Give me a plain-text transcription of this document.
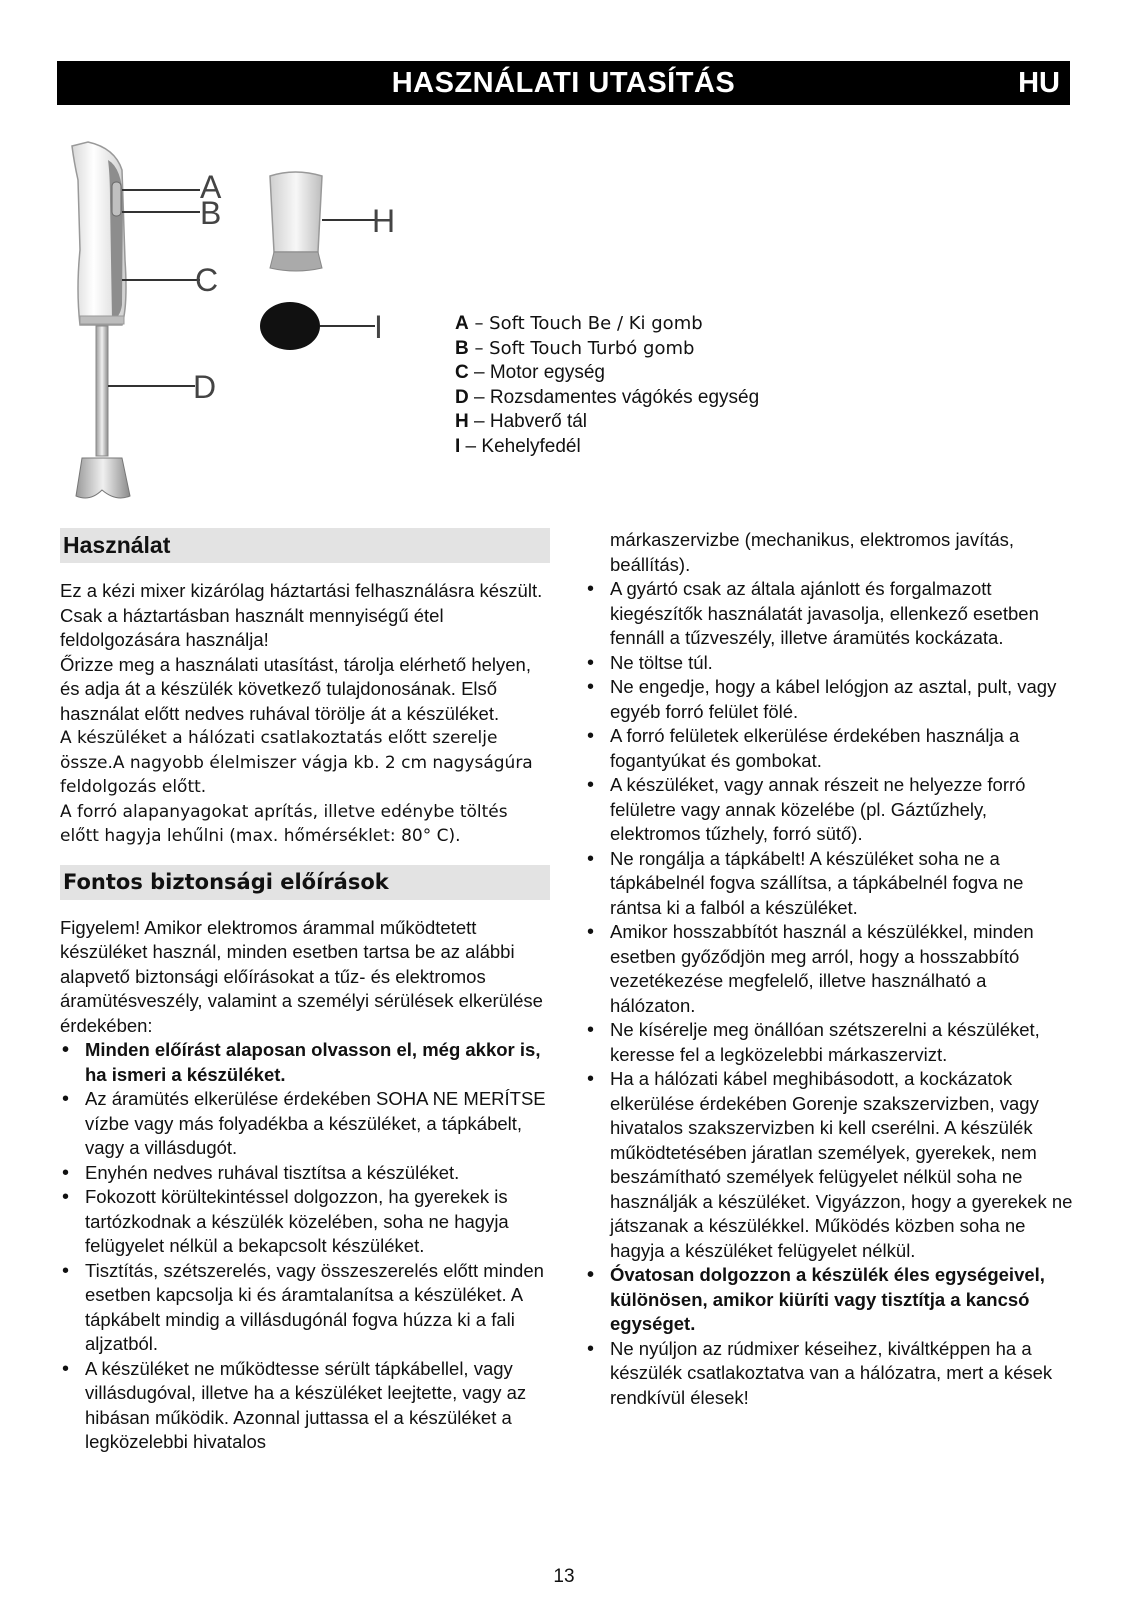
HASZNÁLATI UTASÍTÁS	HU
A
B
C
D
H
I	A – Soft Touch Be / Ki gomb
B – Soft Touch Turbó gomb
C – Motor egység
D – Rozsdamentes vágókés egység
H – Habverő tál
I – Kehelyfedél
Használat

Ez a kézi mixer kizárólag háztartási felhasználásra készült. Csak a háztartásban használt mennyiségű étel feldolgozására használja!

Őrizze meg a használati utasítást, tárolja elérhető helyen, és adja át a készülék következő tulajdonosának. Első használat előtt nedves ruhával törölje át a készüléket.

A készüléket a hálózati csatlakoztatás előtt szerelje össze.A nagyobb élelmiszer vágja kb. 2 cm nagyságúra feldolgozás előtt.

A forró alapanyagokat aprítás, illetve edénybe töltés előtt hagyja lehűlni (max. hőmérséklet: 80° C).

Fontos biztonsági előírások

Figyelem! Amikor elektromos árammal működtetett készüléket használ, minden esetben tartsa be az alábbi alapvető biztonsági előírásokat a tűz- és elektromos áramütésveszély, valamint a személyi sérülések elkerülése érdekében:

• Minden előírást alaposan olvasson el, még akkor is, ha ismeri a készüléket.
• Az áramütés elkerülése érdekében SOHA NE MERÍTSE vízbe vagy más folyadékba a készüléket, a tápkábelt, vagy a villásdugót.
• Enyhén nedves ruhával tisztítsa a készüléket.
• Fokozott körültekintéssel dolgozzon, ha gyerekek is tartózkodnak a készülék közelében, soha ne hagyja felügyelet nélkül a bekapcsolt készüléket.
• Tisztítás, szétszerelés, vagy összeszerelés előtt minden esetben kapcsolja ki és áramtalanítsa a készüléket. A tápkábelt mindig a villásdugónál fogva húzza ki a fali aljzatból.
• A készüléket ne működtesse sérült tápkábellel, vagy villásdugóval, illetve ha a készüléket leejtette, vagy az hibásan működik. Azonnal juttassa el a készüléket a legközelebbi hivatalos

márkaszervizbe (mechanikus, elektromos javítás, beállítás).

• A gyártó csak az általa ajánlott és forgalmazott kiegészítők használatát javasolja, ellenkező esetben fennáll a tűzveszély, illetve áramütés kockázata.
• Ne töltse túl.
• Ne engedje, hogy a kábel lelógjon az asztal, pult, vagy egyéb forró felület fölé.
• A forró felületek elkerülése érdekében használja a fogantyúkat és gombokat.
• A készüléket, vagy annak részeit ne helyezze forró felületre vagy annak közelébe (pl. Gáztűzhely, elektromos tűzhely, forró sütő).
• Ne rongálja a tápkábelt! A készüléket soha ne a tápkábelnél fogva szállítsa, a tápkábelnél fogva ne rántsa ki a falból a készüléket.
• Amikor hosszabbítót használ a készülékkel, minden esetben győződjön meg arról, hogy a hosszabbító vezetékezése megfelelő, illetve használható a hálózaton.
• Ne kísérelje meg önállóan szétszerelni a készüléket, keresse fel a legközelebbi márkaszervizt.
• Ha a hálózati kábel meghibásodott, a kockázatok elkerülése érdekében Gorenje szakszervizben, vagy hivatalos szakszervizben ki kell cserélni. A készülék működtetésében járatlan személyek, gyerekek, nem beszámítható személyek felügyelet nélkül soha ne használják a készüléket. Vigyázzon, hogy a gyerekek ne játszanak a készülékkel. Működés közben soha ne hagyja a készüléket felügyelet nélkül.
• Óvatosan dolgozzon a készülék éles egységeivel, különösen, amikor kiüríti vagy tisztítja a kancsó egységet.
• Ne nyúljon az rúdmixer késeihez, kiváltképpen ha a készülék csatlakoztatva van a hálózatra, mert a kések rendkívül élesek!
13
